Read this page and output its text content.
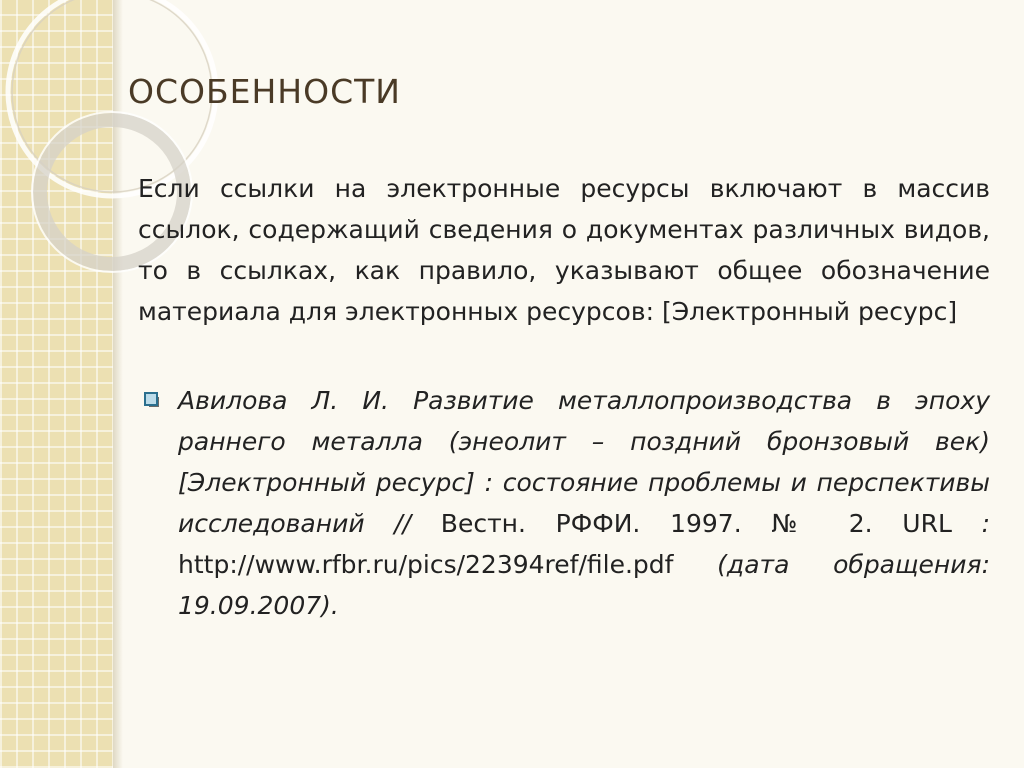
ОСОБЕННОСТИ

Если ссылки на электронные ресурсы включают в массив ссылок, содержащий сведения о документах различных видов, то в ссылках, как правило, указывают общее обозначение материала для электронных ресурсов: [Электронный ресурс]

Авилова Л. И. Развитие металлопроизводства в эпоху раннего металла (энеолит – поздний бронзовый век) [Электронный ресурс] : состояние проблемы и перспективы исследований // Вестн. РФФИ. 1997. № 2. URL : http://www.rfbr.ru/pics/22394ref/file.pdf (дата обращения: 19.09.2007).
